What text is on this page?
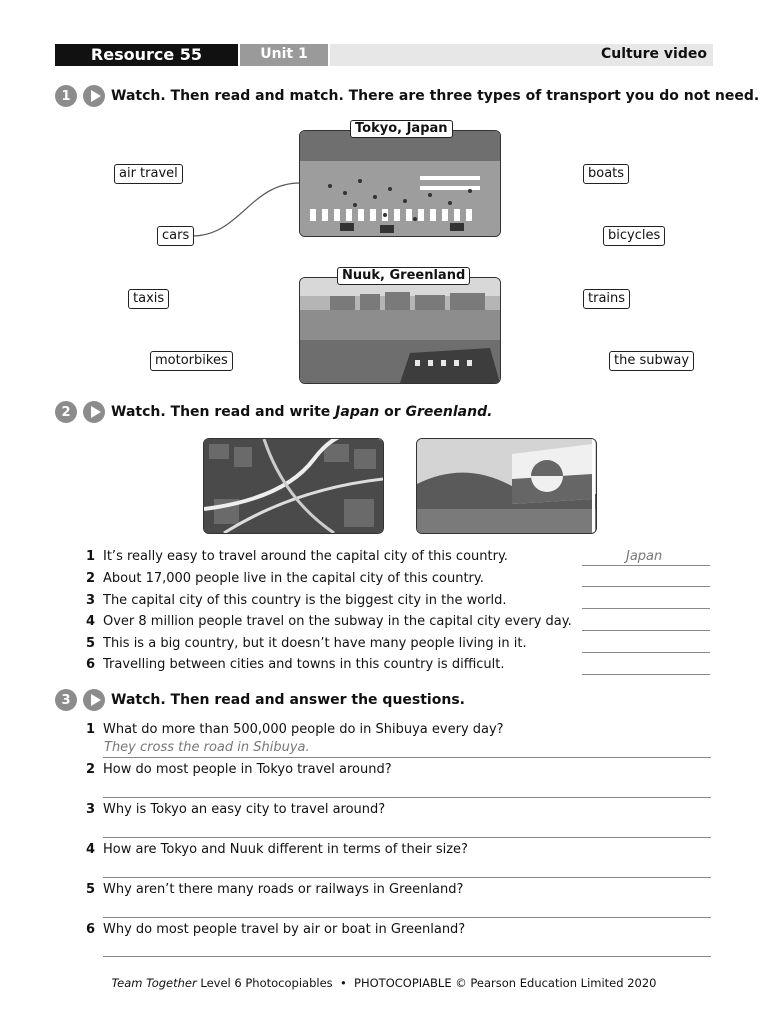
Resource 55	Unit 1	Culture video
1	Watch. Then read and match. There are three types of transport you do not need.
Tokyo, Japan
Nuuk, Greenland
air travel
cars
taxis
motorbikes
boats
bicycles
trains
the subway
2	Watch. Then read and write Japan or Greenland.
1 It’s really easy to travel around the capital city of this country.
2 About 17,000 people live in the capital city of this country.
3 The capital city of this country is the biggest city in the world.
4 Over 8 million people travel on the subway in the capital city every day.
5 This is a big country, but it doesn’t have many people living in it.
6 Travelling between cities and towns in this country is difficult.
Japan
3	Watch. Then read and answer the questions.
1 What do more than 500,000 people do in Shibuya every day?
They cross the road in Shibuya.
2 How do most people in Tokyo travel around?
3 Why is Tokyo an easy city to travel around?
4 How are Tokyo and Nuuk different in terms of their size?
5 Why aren’t there many roads or railways in Greenland?
6 Why do most people travel by air or boat in Greenland?
Team Together Level 6 Photocopiables  •  PHOTOCOPIABLE © Pearson Education Limited 2020
